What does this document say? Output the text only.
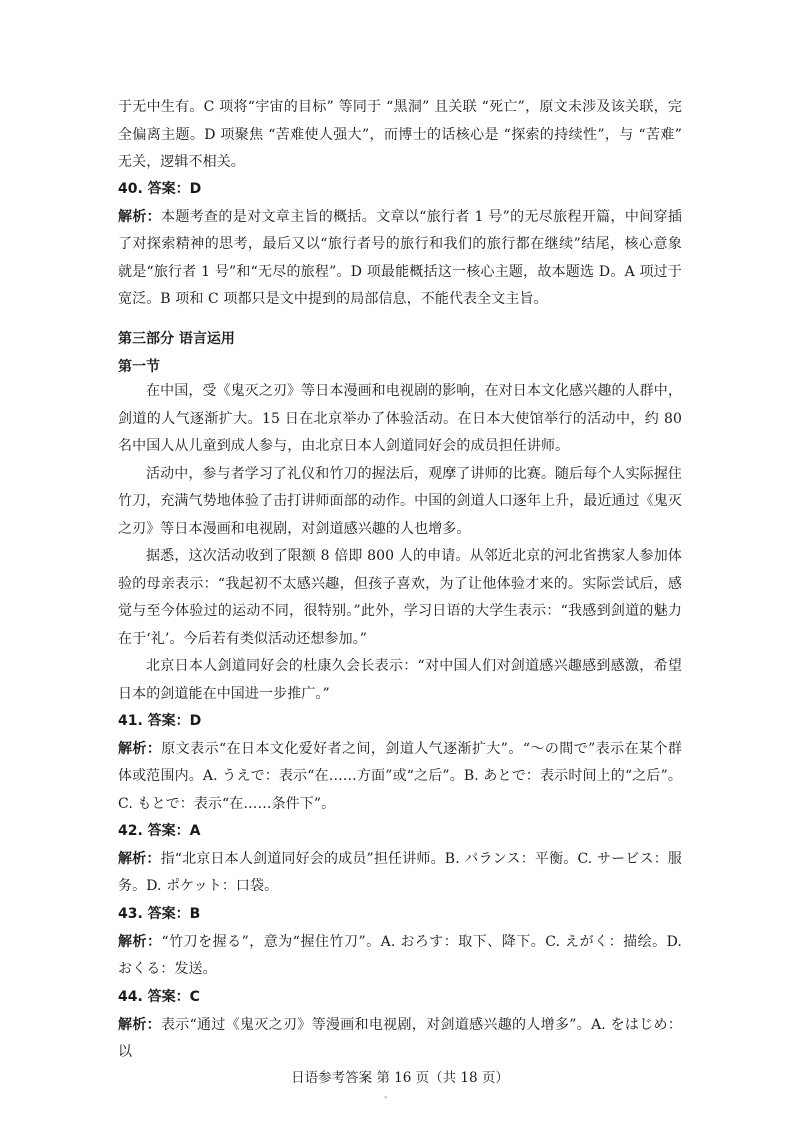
于无中生有。C 项将“宇宙的目标” 等同于 “黑洞” 且关联 “死亡”，原文未涉及该关联，完全偏离主题。D 项聚焦 “苦难使人强大”，而博士的话核心是 “探索的持续性”，与 “苦难” 无关，逻辑不相关。

40. 答案：D

解析：本题考查的是对文章主旨的概括。文章以“旅行者 1 号”的无尽旅程开篇，中间穿插了对探索精神的思考，最后又以“旅行者号的旅行和我们的旅行都在继续”结尾，核心意象就是“旅行者 1 号”和“无尽的旅程”。D 项最能概括这一核心主题，故本题选 D。A 项过于宽泛。B 项和 C 项都只是文中提到的局部信息，不能代表全文主旨。

第三部分 语言运用

第一节

在中国，受《鬼灭之刃》等日本漫画和电视剧的影响，在对日本文化感兴趣的人群中，剑道的人气逐渐扩大。15 日在北京举办了体验活动。在日本大使馆举行的活动中，约 80 名中国人从儿童到成人参与，由北京日本人剑道同好会的成员担任讲师。

活动中，参与者学习了礼仪和竹刀的握法后，观摩了讲师的比赛。随后每个人实际握住竹刀，充满气势地体验了击打讲师面部的动作。中国的剑道人口逐年上升，最近通过《鬼灭之刃》等日本漫画和电视剧，对剑道感兴趣的人也增多。

据悉，这次活动收到了限额 8 倍即 800 人的申请。从邻近北京的河北省携家人参加体验的母亲表示：“我起初不太感兴趣，但孩子喜欢，为了让他体验才来的。实际尝试后，感觉与至今体验过的运动不同，很特别。”此外，学习日语的大学生表示：“我感到剑道的魅力在于‘礼’。今后若有类似活动还想参加。”

北京日本人剑道同好会的杜康久会长表示：“对中国人们对剑道感兴趣感到感激，希望日本的剑道能在中国进一步推广。”

41. 答案：D

解析：原文表示“在日本文化爱好者之间，剑道人气逐渐扩大”。“～の間で”表示在某个群体或范围内。A. うえで：表示“在……方面”或“之后”。B. あとで：表示时间上的“之后”。C. もとで：表示“在……条件下”。

42. 答案：A

解析：指“北京日本人剑道同好会的成员”担任讲师。B. バランス：平衡。C. サービス：服务。D. ポケット：口袋。

43. 答案：B

解析：“竹刀を握る”，意为“握住竹刀”。A. おろす：取下、降下。C. えがく：描绘。D. おくる：发送。

44. 答案：C

解析：表示“通过《鬼灭之刃》等漫画和电视剧，对剑道感兴趣的人增多”。A. をはじめ：以

日语参考答案 第 16 页（共 18 页）
-
